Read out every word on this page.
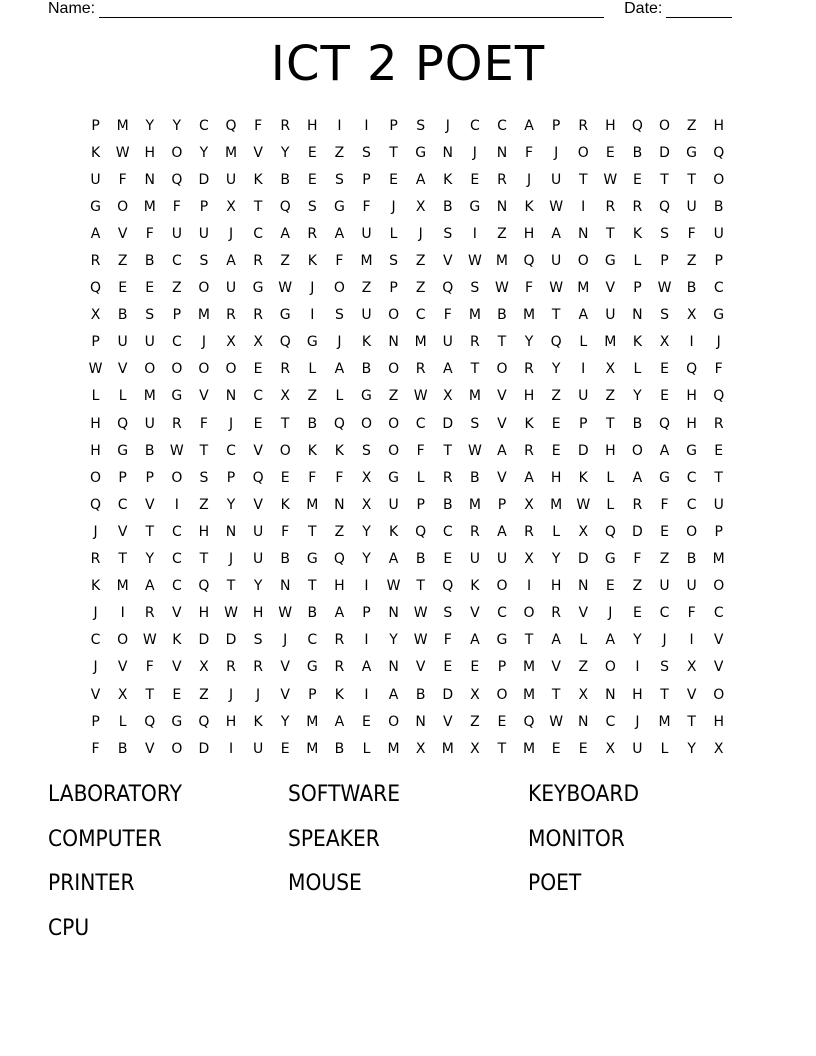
Name:	Date:
ICT 2 POET
P	M	Y	Y	C	Q	F	R	H	I	I	P	S	J	C	C	A	P	R	H	Q	O	Z	H
K	W	H	O	Y	M	V	Y	E	Z	S	T	G	N	J	N	F	J	O	E	B	D	G	Q
U	F	N	Q	D	U	K	B	E	S	P	E	A	K	E	R	J	U	T	W	E	T	T	O
G	O	M	F	P	X	T	Q	S	G	F	J	X	B	G	N	K	W	I	R	R	Q	U	B
A	V	F	U	U	J	C	A	R	A	U	L	J	S	I	Z	H	A	N	T	K	S	F	U
R	Z	B	C	S	A	R	Z	K	F	M	S	Z	V	W	M	Q	U	O	G	L	P	Z	P
Q	E	E	Z	O	U	G	W	J	O	Z	P	Z	Q	S	W	F	W	M	V	P	W	B	C
X	B	S	P	M	R	R	G	I	S	U	O	C	F	M	B	M	T	A	U	N	S	X	G
P	U	U	C	J	X	X	Q	G	J	K	N	M	U	R	T	Y	Q	L	M	K	X	I	J
W	V	O	O	O	O	E	R	L	A	B	O	R	A	T	O	R	Y	I	X	L	E	Q	F
L	L	M	G	V	N	C	X	Z	L	G	Z	W	X	M	V	H	Z	U	Z	Y	E	H	Q
H	Q	U	R	F	J	E	T	B	Q	O	O	C	D	S	V	K	E	P	T	B	Q	H	R
H	G	B	W	T	C	V	O	K	K	S	O	F	T	W	A	R	E	D	H	O	A	G	E
O	P	P	O	S	P	Q	E	F	F	X	G	L	R	B	V	A	H	K	L	A	G	C	T
Q	C	V	I	Z	Y	V	K	M	N	X	U	P	B	M	P	X	M	W	L	R	F	C	U
J	V	T	C	H	N	U	F	T	Z	Y	K	Q	C	R	A	R	L	X	Q	D	E	O	P
R	T	Y	C	T	J	U	B	G	Q	Y	A	B	E	U	U	X	Y	D	G	F	Z	B	M
K	M	A	C	Q	T	Y	N	T	H	I	W	T	Q	K	O	I	H	N	E	Z	U	U	O
J	I	R	V	H	W	H	W	B	A	P	N	W	S	V	C	O	R	V	J	E	C	F	C
C	O	W	K	D	D	S	J	C	R	I	Y	W	F	A	G	T	A	L	A	Y	J	I	V
J	V	F	V	X	R	R	V	G	R	A	N	V	E	E	P	M	V	Z	O	I	S	X	V
V	X	T	E	Z	J	J	V	P	K	I	A	B	D	X	O	M	T	X	N	H	T	V	O
P	L	Q	G	Q	H	K	Y	M	A	E	O	N	V	Z	E	Q	W	N	C	J	M	T	H
F	B	V	O	D	I	U	E	M	B	L	M	X	M	X	T	M	E	E	X	U	L	Y	X
LABORATORY	SOFTWARE	KEYBOARD
COMPUTER	SPEAKER	MONITOR
PRINTER	MOUSE	POET
CPU
